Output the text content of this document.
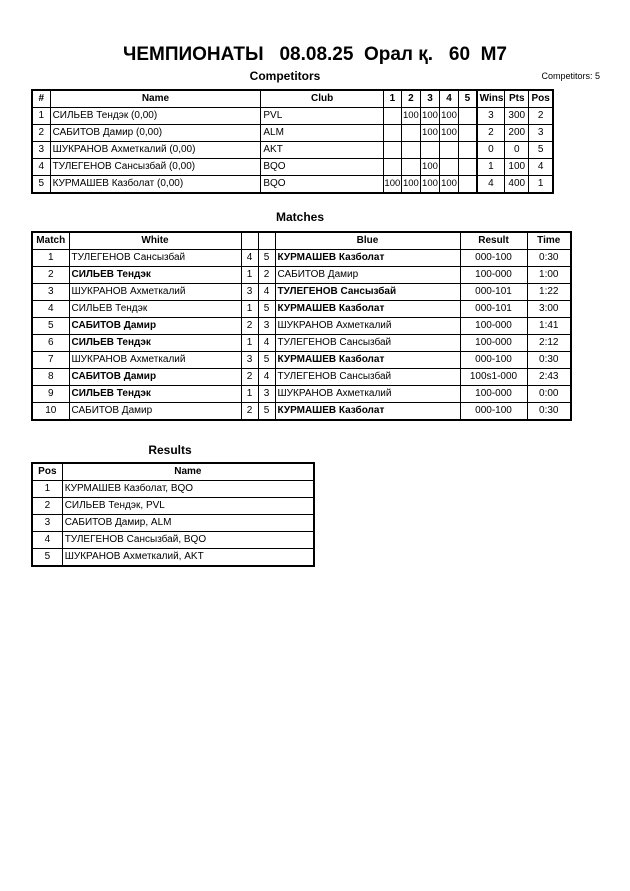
ЧЕМПИОНАТЫ   08.08.25  Орал қ.   60  M7
Competitors	Competitors: 5
#	Name	Club	1	2	3	4	5	Wins	Pts	Pos
1	СИЛЬЕВ Тендэк (0,00)	PVL		100	100	100		3	300	2
2	САБИТОВ Дамир (0,00)	ALM			100	100		2	200	3
3	ШУКРАНОВ Ахметкалий (0,00)	AKT						0	0	5
4	ТУЛЕГЕНОВ Сансызбай (0,00)	BQO			100			1	100	4
5	КУРМАШЕВ Казболат (0,00)	BQO	100	100	100	100		4	400	1
Matches
Match	White			Blue	Result	Time
1	ТУЛЕГЕНОВ Сансызбай	4	5	КУРМАШЕВ Казболат	000-100	0:30
2	СИЛЬЕВ Тендэк	1	2	САБИТОВ Дамир	100-000	1:00
3	ШУКРАНОВ Ахметкалий	3	4	ТУЛЕГЕНОВ Сансызбай	000-101	1:22
4	СИЛЬЕВ Тендэк	1	5	КУРМАШЕВ Казболат	000-101	3:00
5	САБИТОВ Дамир	2	3	ШУКРАНОВ Ахметкалий	100-000	1:41
6	СИЛЬЕВ Тендэк	1	4	ТУЛЕГЕНОВ Сансызбай	100-000	2:12
7	ШУКРАНОВ Ахметкалий	3	5	КУРМАШЕВ Казболат	000-100	0:30
8	САБИТОВ Дамир	2	4	ТУЛЕГЕНОВ Сансызбай	100s1-000	2:43
9	СИЛЬЕВ Тендэк	1	3	ШУКРАНОВ Ахметкалий	100-000	0:00
10	САБИТОВ Дамир	2	5	КУРМАШЕВ Казболат	000-100	0:30
Results
Pos	Name
1	КУРМАШЕВ Казболат, BQO
2	СИЛЬЕВ Тендэк, PVL
3	САБИТОВ Дамир, ALM
4	ТУЛЕГЕНОВ Сансызбай, BQO
5	ШУКРАНОВ Ахметкалий, AKT
